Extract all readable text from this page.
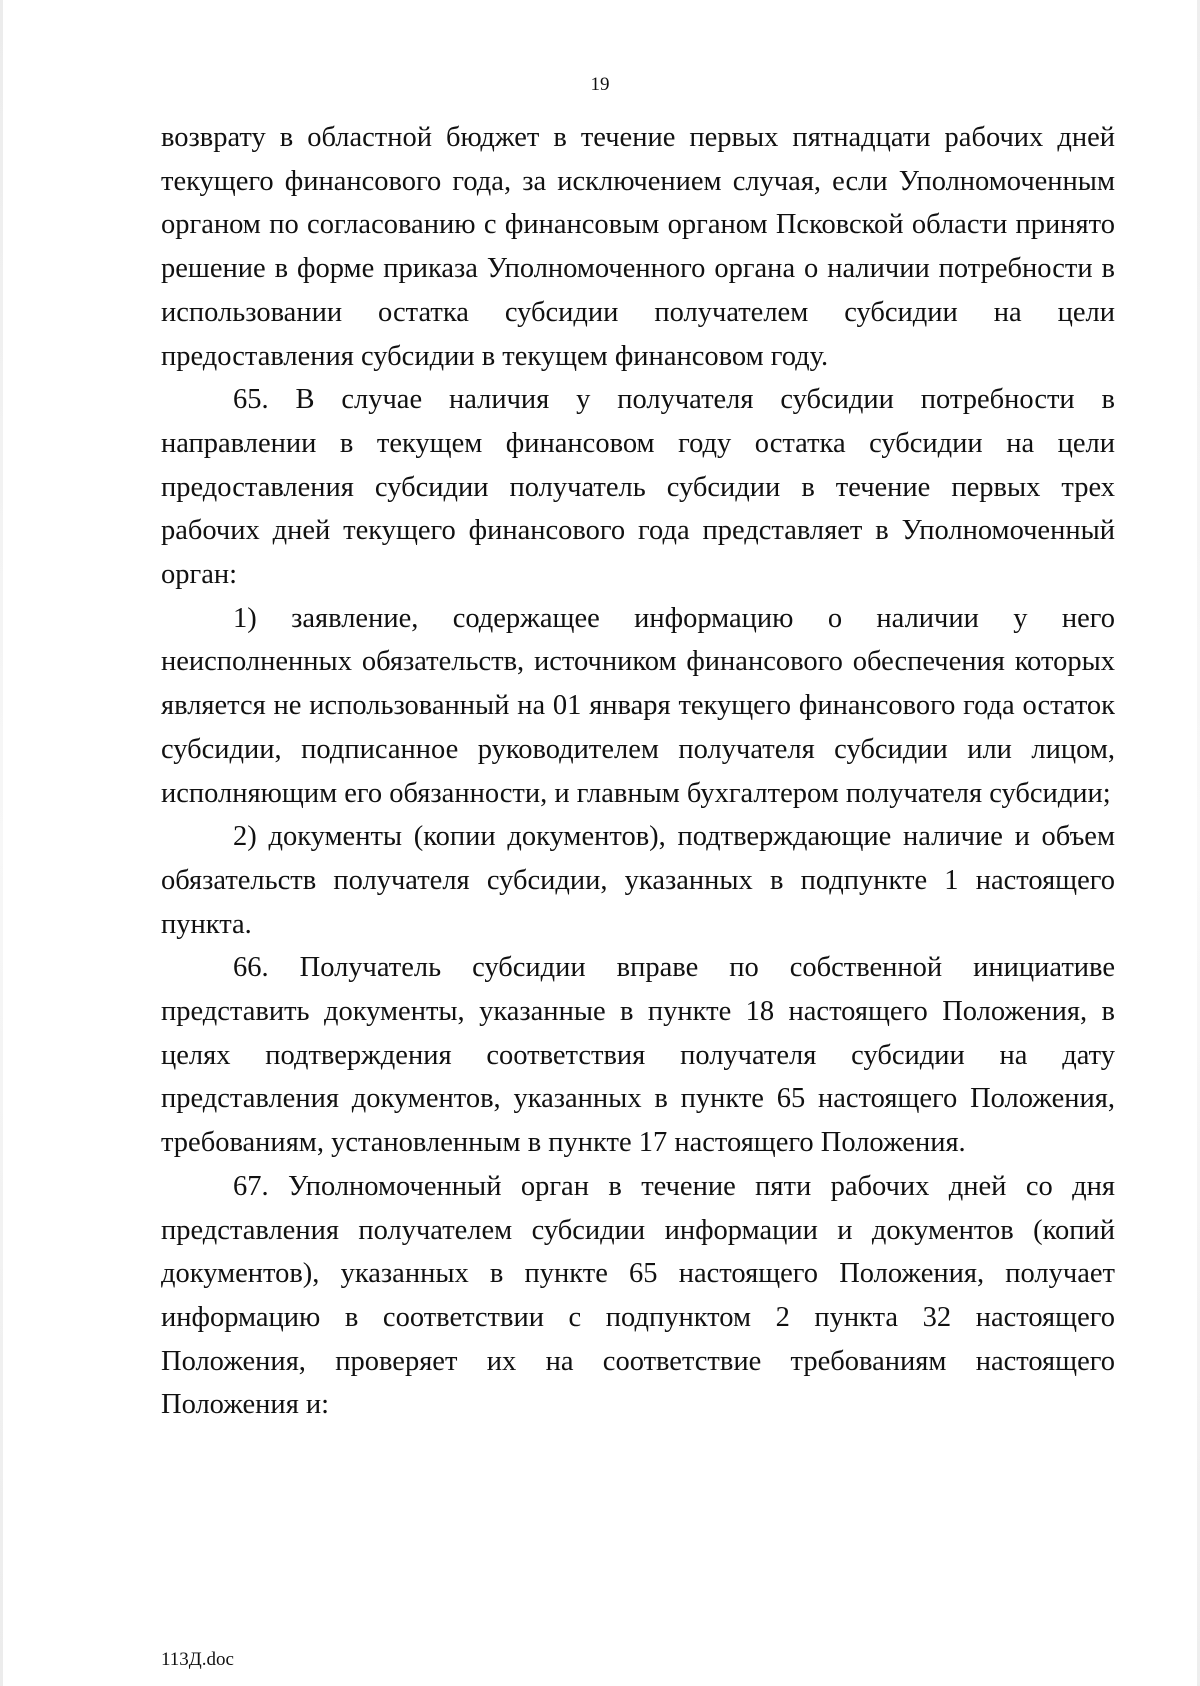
19

возврату в областной бюджет в течение первых пятнадцати рабочих дней текущего финансового года, за исключением случая, если Уполномоченным органом по согласованию с финансовым органом Псковской области принято решение в форме приказа Уполномоченного органа о наличии потребности в использовании остатка субсидии получателем субсидии на цели предоставления субсидии в текущем финансовом году.

65. В случае наличия у получателя субсидии потребности в направлении в текущем финансовом году остатка субсидии на цели предоставления субсидии получатель субсидии в течение первых трех рабочих дней текущего финансового года представляет в Уполномоченный орган:

1) заявление, содержащее информацию о наличии у него неисполненных обязательств, источником финансового обеспечения которых является не использованный на 01 января текущего финансового года остаток субсидии, подписанное руководителем получателя субсидии или лицом, исполняющим его обязанности, и главным бухгалтером получателя субсидии;

2) документы (копии документов), подтверждающие наличие и объем обязательств получателя субсидии, указанных в подпункте 1 настоящего пункта.

66. Получатель субсидии вправе по собственной инициативе представить документы, указанные в пункте 18 настоящего Положения, в целях подтверждения соответствия получателя субсидии на дату представления документов, указанных в пункте 65 настоящего Положения, требованиям, установленным в пункте 17 настоящего Положения.

67. Уполномоченный орган в течение пяти рабочих дней со дня представления получателем субсидии информации и документов (копий документов), указанных в пункте 65 настоящего Положения, получает информацию в соответствии с подпунктом 2 пункта 32 настоящего Положения, проверяет их на соответствие требованиям настоящего Положения и:

113Д.doc
